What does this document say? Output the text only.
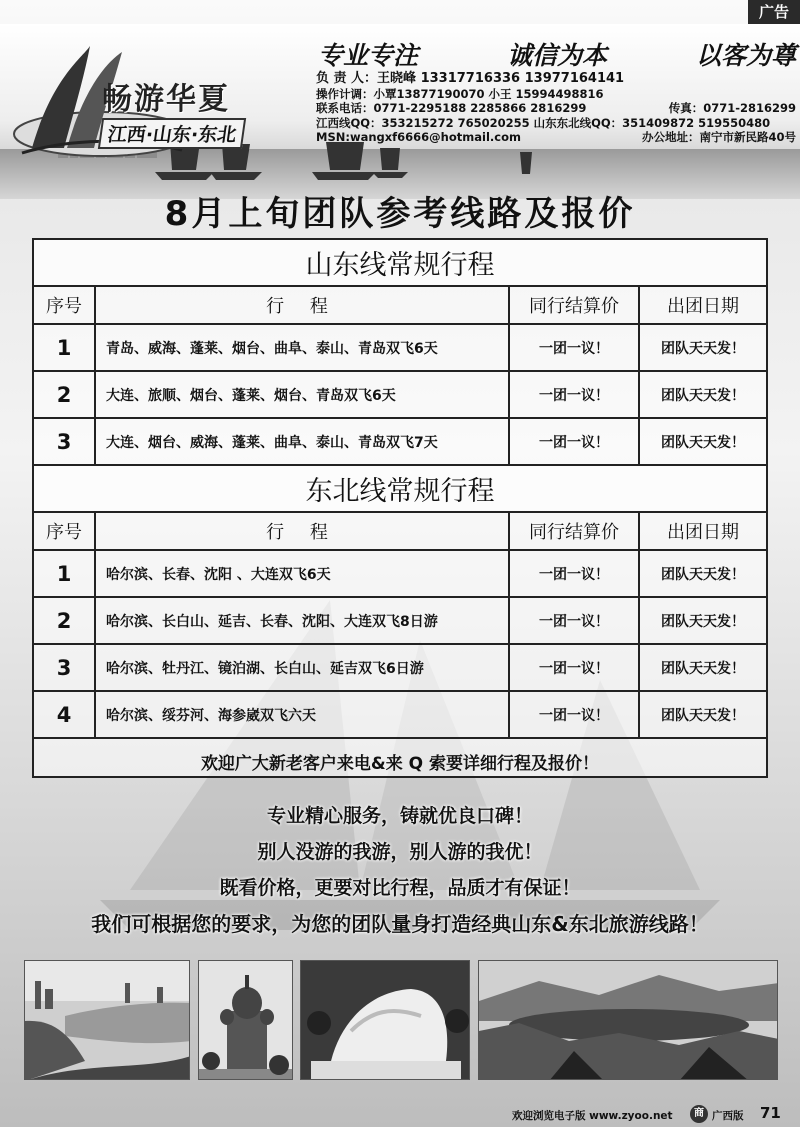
广告
畅游华夏
江西·山东·东北
专业专注	诚信为本	以客为尊
负 责 人：王晓峰 13317716336 13977164141
操作计调：小覃13877190070 小王 15994498816
联系电话：0771-2295188 2285866 2816299	传真：0771-2816299
江西线QQ：353215272 765020255 山东东北线QQ：351409872 519550480
MSN:wangxf6666@hotmail.com	办公地址：南宁市新民路40号
8月上旬团队参考线路及报价
山东线常规行程
序号	行 程	同行结算价	出团日期
1	青岛、威海、蓬莱、烟台、曲阜、泰山、青岛双飞6天	一团一议！	团队天天发！
2	大连、旅顺、烟台、蓬莱、烟台、青岛双飞6天	一团一议！	团队天天发！
3	大连、烟台、威海、蓬莱、曲阜、泰山、青岛双飞7天	一团一议！	团队天天发！
东北线常规行程
序号	行 程	同行结算价	出团日期
1	哈尔滨、长春、沈阳 、大连双飞6天	一团一议！	团队天天发！
2	哈尔滨、长白山、延吉、长春、沈阳、大连双飞8日游	一团一议！	团队天天发！
3	哈尔滨、牡丹江、镜泊湖、长白山、延吉双飞6日游	一团一议！	团队天天发！
4	哈尔滨、绥芬河、海参崴双飞六天	一团一议！	团队天天发！
欢迎广大新老客户来电&来 Q 索要详细行程及报价！
专业精心服务，铸就优良口碑！
别人没游的我游，别人游的我优！
既看价格，更要对比行程，品质才有保证！
我们可根据您的要求，为您的团队量身打造经典山东&东北旅游线路！
欢迎浏览电子版 www.zyoo.net	商 广西版 71
